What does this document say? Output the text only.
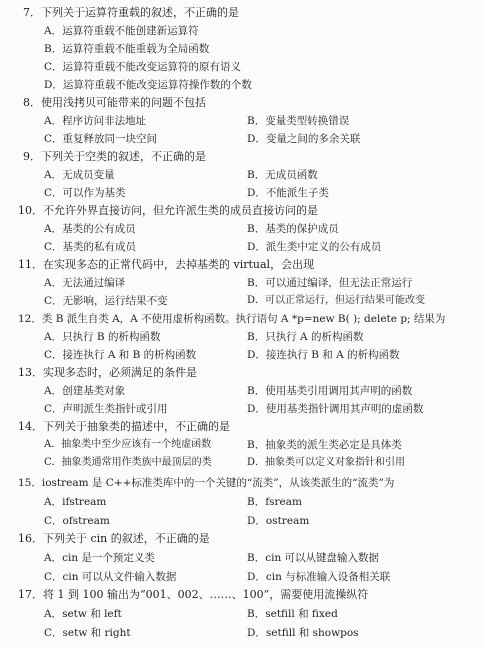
7．下列关于运算符重载的叙述，不正确的是
A．运算符重载不能创建新运算符
B．运算符重载不能重载为全局函数
C．运算符重载不能改变运算符的原有语义
D．运算符重载不能改变运算符操作数的个数
8．使用浅拷贝可能带来的问题不包括
A．程序访问非法地址	B．变量类型转换错误
C．重复释放同一块空间	D．变量之间的多余关联
9．下列关于空类的叙述，不正确的是
A．无成员变量	B．无成员函数
C．可以作为基类	D．不能派生子类
10．不允许外界直接访问，但允许派生类的成员直接访问的是
A．基类的公有成员	B．基类的保护成员
C．基类的私有成员	D．派生类中定义的公有成员
11．在实现多态的正常代码中，去掉基类的 virtual，会出现
A．无法通过编译	B．可以通过编译，但无法正常运行
C．无影响，运行结果不变	D．可以正常运行，但运行结果可能改变
12．类 B 派生自类 A，A 不使用虚析构函数。执行语句 A *p=new B( ); delete p; 结果为
A．只执行 B 的析构函数	B．只执行 A 的析构函数
C．接连执行 A 和 B 的析构函数	D．接连执行 B 和 A 的析构函数
13．实现多态时，必须满足的条件是
A．创建基类对象	B．使用基类引用调用其声明的函数
C．声明派生类指针或引用	D．使用基类指针调用其声明的虚函数
14．下列关于抽象类的描述中，不正确的是
A．抽象类中至少应该有一个纯虚函数	B．抽象类的派生类必定是具体类
C．抽象类通常用作类族中最顶层的类	D．抽象类可以定义对象指针和引用
15．iostream 是 C++标准类库中的一个关键的“流类”，从该类派生的“流类”为
A．ifstream	B．fsream
C．ofstream	D．ostream
16．下列关于 cin 的叙述，不正确的是
A．cin 是一个预定义类	B．cin 可以从键盘输入数据
C．cin 可以从文件输入数据	D．cin 与标准输入设备相关联
17．将 1 到 100 输出为“001、002、……、100”，需要使用流操纵符
A．setw 和 left	B．setfill 和 fixed
C．setw 和 right	D．setfill 和 showpos
